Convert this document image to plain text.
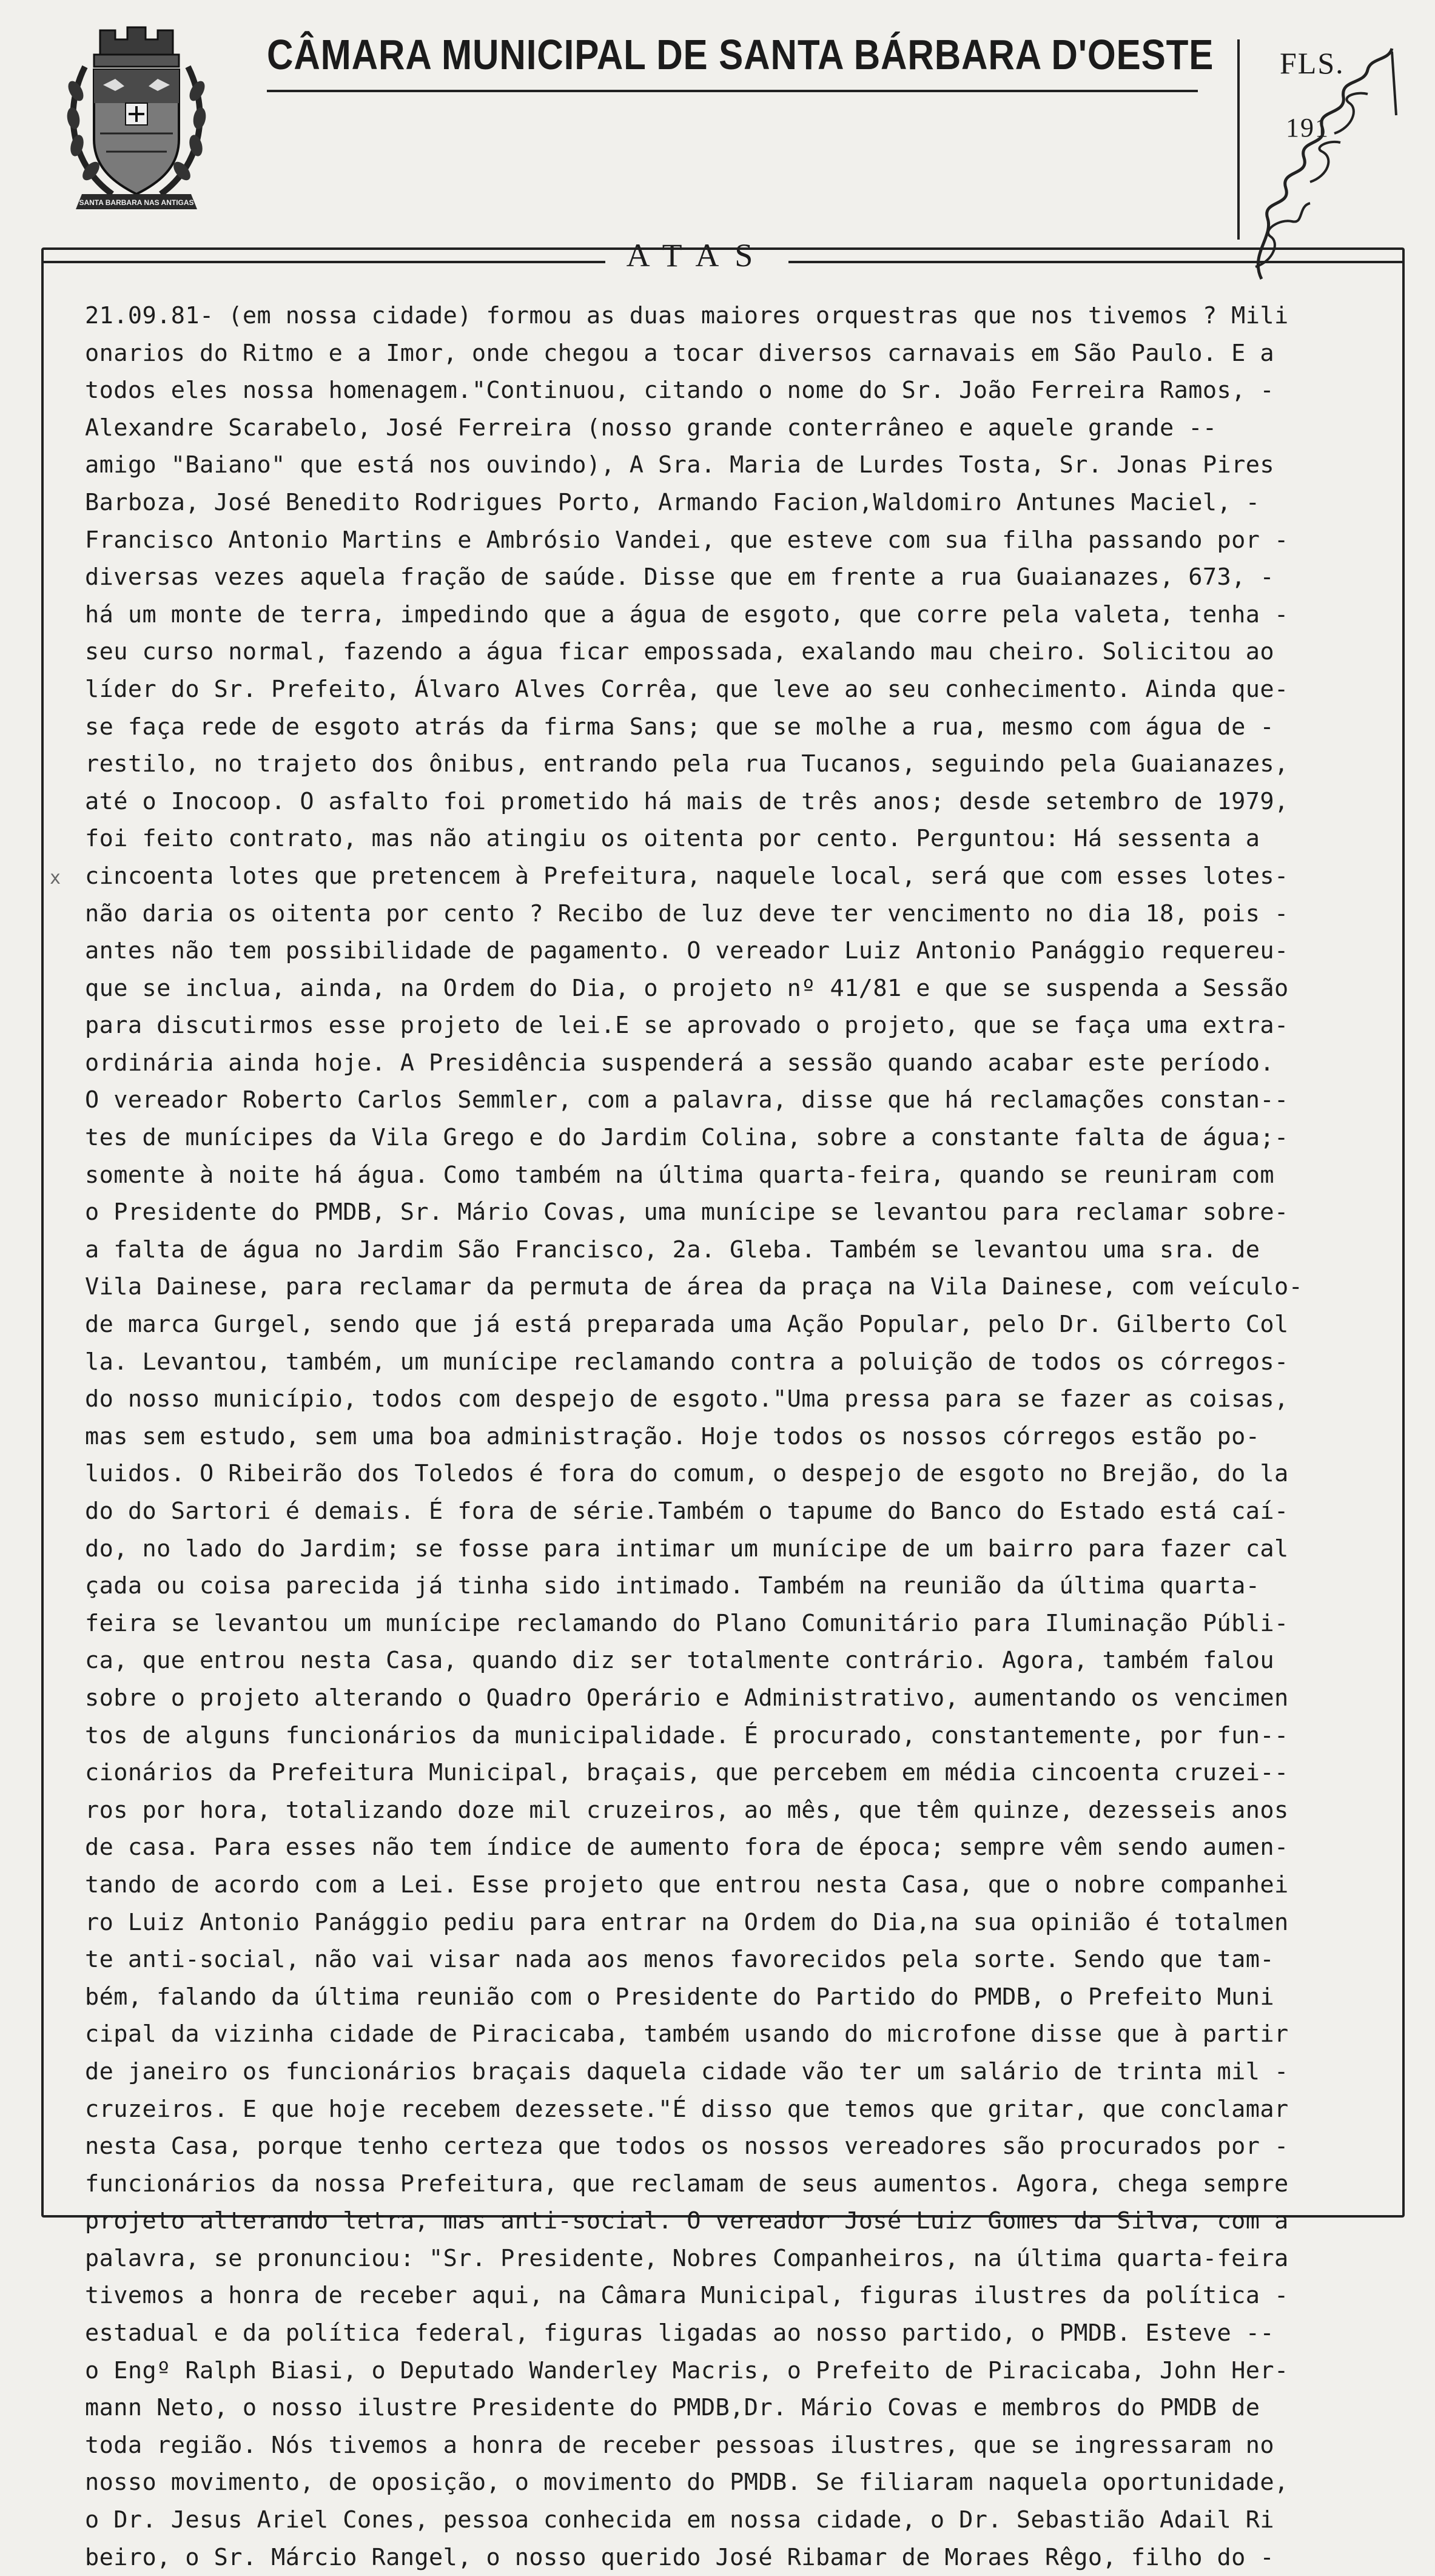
SANTA BARBARA NAS ANTIGAS
CÂMARA MUNICIPAL DE SANTA BÁRBARA D'OESTE FLS.
191
ATAS
x
21.09.81- (em nossa cidade) formou as duas maiores orquestras que nos tivemos ? Mili
onarios do Ritmo e a Imor, onde chegou a tocar diversos carnavais em São Paulo. E a
todos eles nossa homenagem."Continuou, citando o nome do Sr. João Ferreira Ramos, -
Alexandre Scarabelo, José Ferreira (nosso grande conterrâneo e aquele grande --
amigo "Baiano" que está nos ouvindo), A Sra. Maria de Lurdes Tosta, Sr. Jonas Pires
Barboza, José Benedito Rodrigues Porto, Armando Facion,Waldomiro Antunes Maciel, -
Francisco Antonio Martins e Ambrósio Vandei, que esteve com sua filha passando por -
diversas vezes aquela fração de saúde. Disse que em frente a rua Guaianazes, 673, -
há um monte de terra, impedindo que a água de esgoto, que corre pela valeta, tenha -
seu curso normal, fazendo a água ficar empossada, exalando mau cheiro. Solicitou ao
líder do Sr. Prefeito, Álvaro Alves Corrêa, que leve ao seu conhecimento. Ainda que-
se faça rede de esgoto atrás da firma Sans; que se molhe a rua, mesmo com água de -
restilo, no trajeto dos ônibus, entrando pela rua Tucanos, seguindo pela Guaianazes,
até o Inocoop. O asfalto foi prometido há mais de três anos; desde setembro de 1979,
foi feito contrato, mas não atingiu os oitenta por cento. Perguntou: Há sessenta a
cincoenta lotes que pretencem à Prefeitura, naquele local, será que com esses lotes-
não daria os oitenta por cento ? Recibo de luz deve ter vencimento no dia 18, pois -
antes não tem possibilidade de pagamento. O vereador Luiz Antonio Panággio requereu-
que se inclua, ainda, na Ordem do Dia, o projeto nº 41/81 e que se suspenda a Sessão
para discutirmos esse projeto de lei.E se aprovado o projeto, que se faça uma extra-
ordinária ainda hoje. A Presidência suspenderá a sessão quando acabar este período.
O vereador Roberto Carlos Semmler, com a palavra, disse que há reclamações constan--
tes de munícipes da Vila Grego e do Jardim Colina, sobre a constante falta de água;-
somente à noite há água. Como também na última quarta-feira, quando se reuniram com
o Presidente do PMDB, Sr. Mário Covas, uma munícipe se levantou para reclamar sobre-
a falta de água no Jardim São Francisco, 2a. Gleba. Também se levantou uma sra. de
Vila Dainese, para reclamar da permuta de área da praça na Vila Dainese, com veículo-
de marca Gurgel, sendo que já está preparada uma Ação Popular, pelo Dr. Gilberto Col
la. Levantou, também, um munícipe reclamando contra a poluição de todos os córregos-
do nosso município, todos com despejo de esgoto."Uma pressa para se fazer as coisas,
mas sem estudo, sem uma boa administração. Hoje todos os nossos córregos estão po-
luidos. O Ribeirão dos Toledos é fora do comum, o despejo de esgoto no Brejão, do la
do do Sartori é demais. É fora de série.Também o tapume do Banco do Estado está caí-
do, no lado do Jardim; se fosse para intimar um munícipe de um bairro para fazer cal
çada ou coisa parecida já tinha sido intimado. Também na reunião da última quarta-
feira se levantou um munícipe reclamando do Plano Comunitário para Iluminação Públi-
ca, que entrou nesta Casa, quando diz ser totalmente contrário. Agora, também falou
sobre o projeto alterando o Quadro Operário e Administrativo, aumentando os vencimen
tos de alguns funcionários da municipalidade. É procurado, constantemente, por fun--
cionários da Prefeitura Municipal, braçais, que percebem em média cincoenta cruzei--
ros por hora, totalizando doze mil cruzeiros, ao mês, que têm quinze, dezesseis anos
de casa. Para esses não tem índice de aumento fora de época; sempre vêm sendo aumen-
tando de acordo com a Lei. Esse projeto que entrou nesta Casa, que o nobre companhei
ro Luiz Antonio Panággio pediu para entrar na Ordem do Dia,na sua opinião é totalmen
te anti-social, não vai visar nada aos menos favorecidos pela sorte. Sendo que tam-
bém, falando da última reunião com o Presidente do Partido do PMDB, o Prefeito Muni
cipal da vizinha cidade de Piracicaba, também usando do microfone disse que à partir
de janeiro os funcionários braçais daquela cidade vão ter um salário de trinta mil -
cruzeiros. E que hoje recebem dezessete."É disso que temos que gritar, que conclamar
nesta Casa, porque tenho certeza que todos os nossos vereadores são procurados por -
funcionários da nossa Prefeitura, que reclamam de seus aumentos. Agora, chega sempre
projeto alterando letra, mas anti-social. O vereador José Luiz Gomes da Silva, com a
palavra, se pronunciou: "Sr. Presidente, Nobres Companheiros, na última quarta-feira
tivemos a honra de receber aqui, na Câmara Municipal, figuras ilustres da política -
estadual e da política federal, figuras ligadas ao nosso partido, o PMDB. Esteve --
o Engº Ralph Biasi, o Deputado Wanderley Macris, o Prefeito de Piracicaba, John Her-
mann Neto, o nosso ilustre Presidente do PMDB,Dr. Mário Covas e membros do PMDB de
toda região. Nós tivemos a honra de receber pessoas ilustres, que se ingressaram no
nosso movimento, de oposição, o movimento do PMDB. Se filiaram naquela oportunidade,
o Dr. Jesus Ariel Cones, pessoa conhecida em nossa cidade, o Dr. Sebastião Adail Ri
beiro, o Sr. Márcio Rangel, o nosso querido José Ribamar de Moraes Rêgo, filho do -
